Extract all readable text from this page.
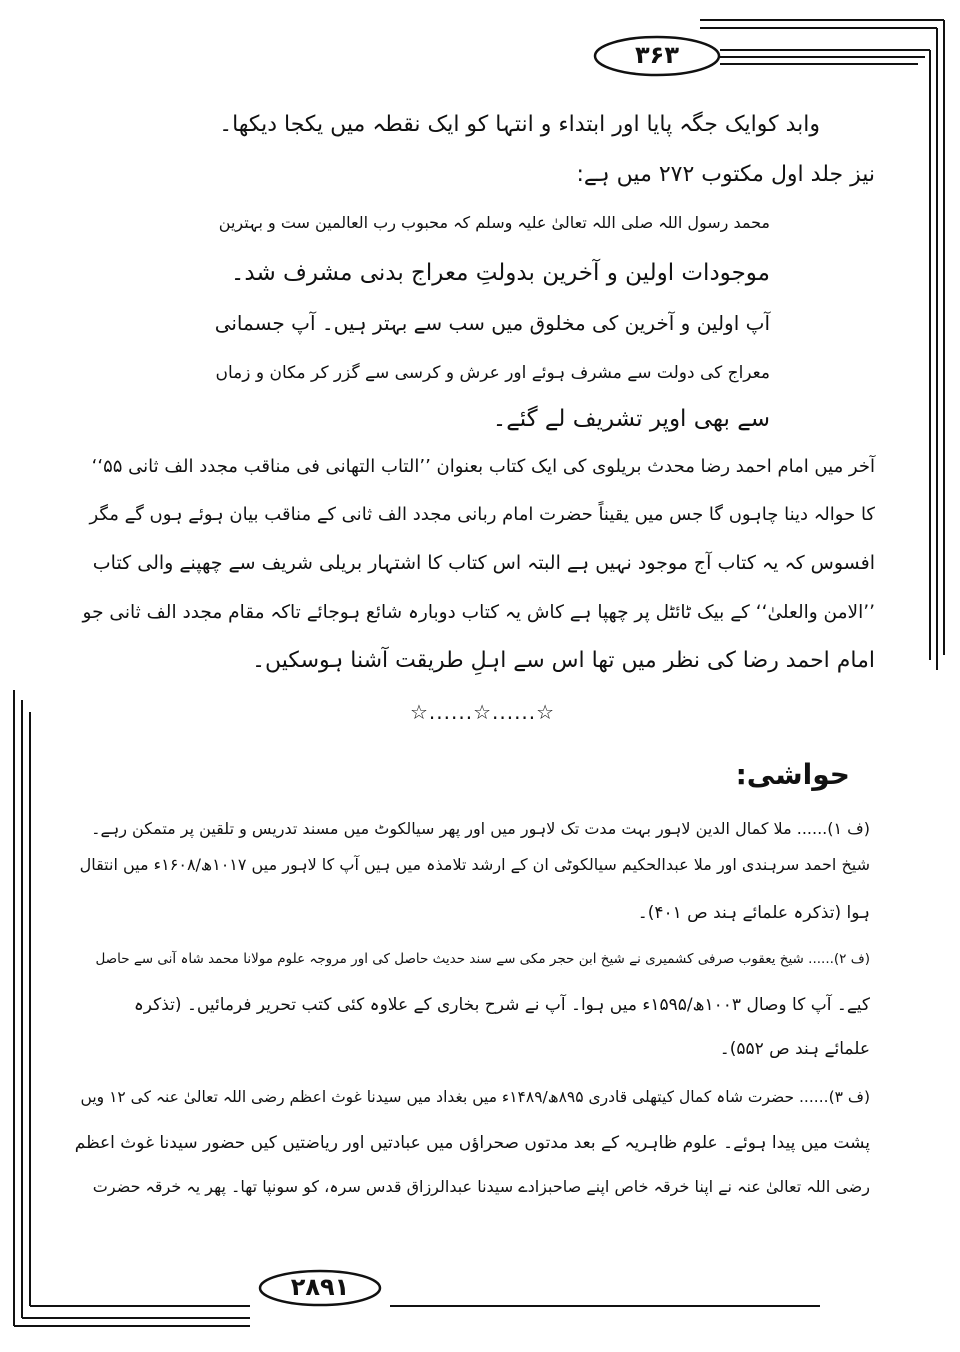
۳۶۳
۲۸۹۱
وابد کوایک جگہ پایا اور ابتداء و انتہا کو ایک نقطہ میں یکجا دیکھا۔
نیز جلد اول مکتوب ۲۷۲ میں ہے:
محمد رسول اللہ صلی اللہ تعالیٰ علیہ وسلم کہ محبوب رب العالمین ست و بہترین
موجودات اولین و آخرین بدولتِ معراج بدنی مشرف شد۔
آپ اولین و آخرین کی مخلوق میں سب سے بہتر ہیں۔ آپ جسمانی
معراج کی دولت سے مشرف ہوئے اور عرش و کرسی سے گزر کر مکان و زماں
سے بھی اوپر تشریف لے گئے۔
آخر میں امام احمد رضا محدث بریلوی کی ایک کتاب بعنوان ’’التاب التھانی فی مناقب مجدد الف ثانی ۵۵‘‘
کا حوالہ دینا چاہوں گا جس میں یقیناً حضرت امام ربانی مجدد الف ثانی کے مناقب بیان ہوئے ہوں گے مگر
افسوس کہ یہ کتاب آج موجود نہیں ہے البتہ اس کتاب کا اشتہار بریلی شریف سے چھپنے والی کتاب
’’الامن والعلیٰ‘‘ کے بیک ٹائٹل پر چھپا ہے کاش یہ کتاب دوبارہ شائع ہوجائے تاکہ مقام مجدد الف ثانی جو
امام احمد رضا کی نظر میں تھا اس سے اہلِ طریقت آشنا ہوسکیں۔
☆......☆......☆
حواشی:
(ف ۱)...... ملا کمال الدین لاہور بہت مدت تک لاہور میں اور پھر سیالکوٹ میں مسند تدریس و تلقین پر متمکن رہے۔
شیخ احمد سرہندی اور ملا عبدالحکیم سیالکوٹی ان کے ارشد تلامذہ میں ہیں آپ کا لاہور میں ۱۰۱۷ھ/۱۶۰۸ء میں انتقال
ہوا (تذکرہ علمائے ہند ص ۴۰۱)۔
(ف ۲)...... شیخ یعقوب صرفی کشمیری نے شیخ ابن حجر مکی سے سند حدیث حاصل کی اور مروجہ علوم مولانا محمد شاہ آنی سے حاصل
کیے۔ آپ کا وصال ۱۰۰۳ھ/۱۵۹۵ء میں ہوا۔ آپ نے شرح بخاری کے علاوہ کئی کتب تحریر فرمائیں۔ (تذکرہ
علمائے ہند ص ۵۵۲)۔
(ف ۳)...... حضرت شاہ کمال کیتھلی قادری ۸۹۵ھ/۱۴۸۹ء میں بغداد میں سیدنا غوث اعظم رضی اللہ تعالیٰ عنہ کی ۱۲ ویں
پشت میں پیدا ہوئے۔ علوم ظاہریہ کے بعد مدتوں صحراؤں میں عبادتیں اور ریاضتیں کیں حضور سیدنا غوث اعظم
رضی اللہ تعالیٰ عنہ نے اپنا خرقہ خاص اپنے صاحبزادے سیدنا عبدالرزاق قدس سرہ، کو سونپا تھا۔ پھر یہ خرقہ حضرت
